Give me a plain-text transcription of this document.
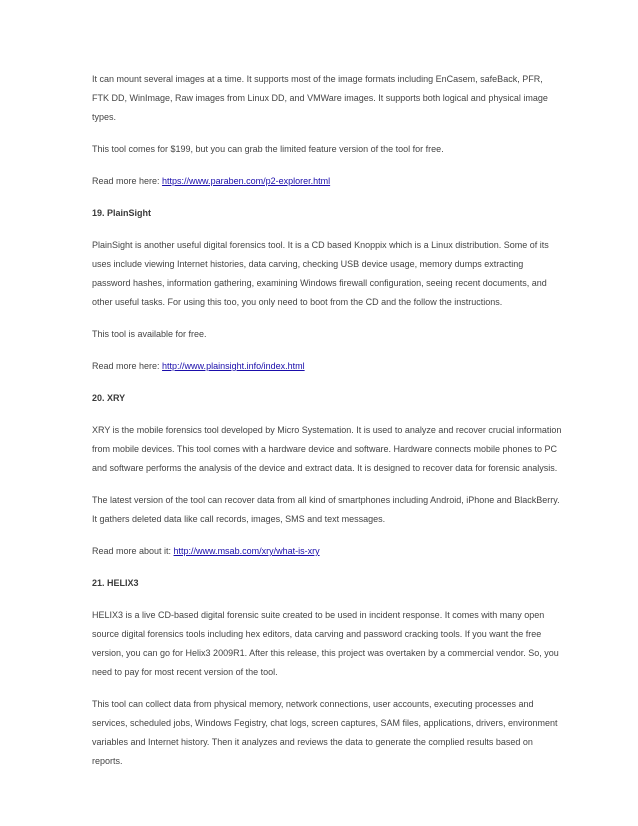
It can mount several images at a time. It supports most of the image formats including EnCasem, safeBack, PFR, FTK DD, WinImage, Raw images from Linux DD, and VMWare images. It supports both logical and physical image types.

This tool comes for $199, but you can grab the limited feature version of the tool for free.

Read more here: https://www.paraben.com/p2-explorer.html

19. PlainSight

PlainSight is another useful digital forensics tool. It is a CD based Knoppix which is a Linux distribution. Some of its uses include viewing Internet histories, data carving, checking USB device usage, memory dumps extracting password hashes, information gathering, examining Windows firewall configuration, seeing recent documents, and other useful tasks. For using this too, you only need to boot from the CD and the follow the instructions.

This tool is available for free.

Read more here: http://www.plainsight.info/index.html

20. XRY

XRY is the mobile forensics tool developed by Micro Systemation. It is used to analyze and recover crucial information from mobile devices. This tool comes with a hardware device and software. Hardware connects mobile phones to PC and software performs the analysis of the device and extract data. It is designed to recover data for forensic analysis.

The latest version of the tool can recover data from all kind of smartphones including Android, iPhone and BlackBerry. It gathers deleted data like call records, images, SMS and text messages.

Read more about it: http://www.msab.com/xry/what-is-xry

21. HELIX3

HELIX3 is a live CD-based digital forensic suite created to be used in incident response. It comes with many open source digital forensics tools including hex editors, data carving and password cracking tools. If you want the free version, you can go for Helix3 2009R1. After this release, this project was overtaken by a commercial vendor. So, you need to pay for most recent version of the tool.

This tool can collect data from physical memory, network connections, user accounts, executing processes and services, scheduled jobs, Windows Fegistry, chat logs, screen captures, SAM files, applications, drivers, environment variables and Internet history. Then it analyzes and reviews the data to generate the complied results based on reports.
